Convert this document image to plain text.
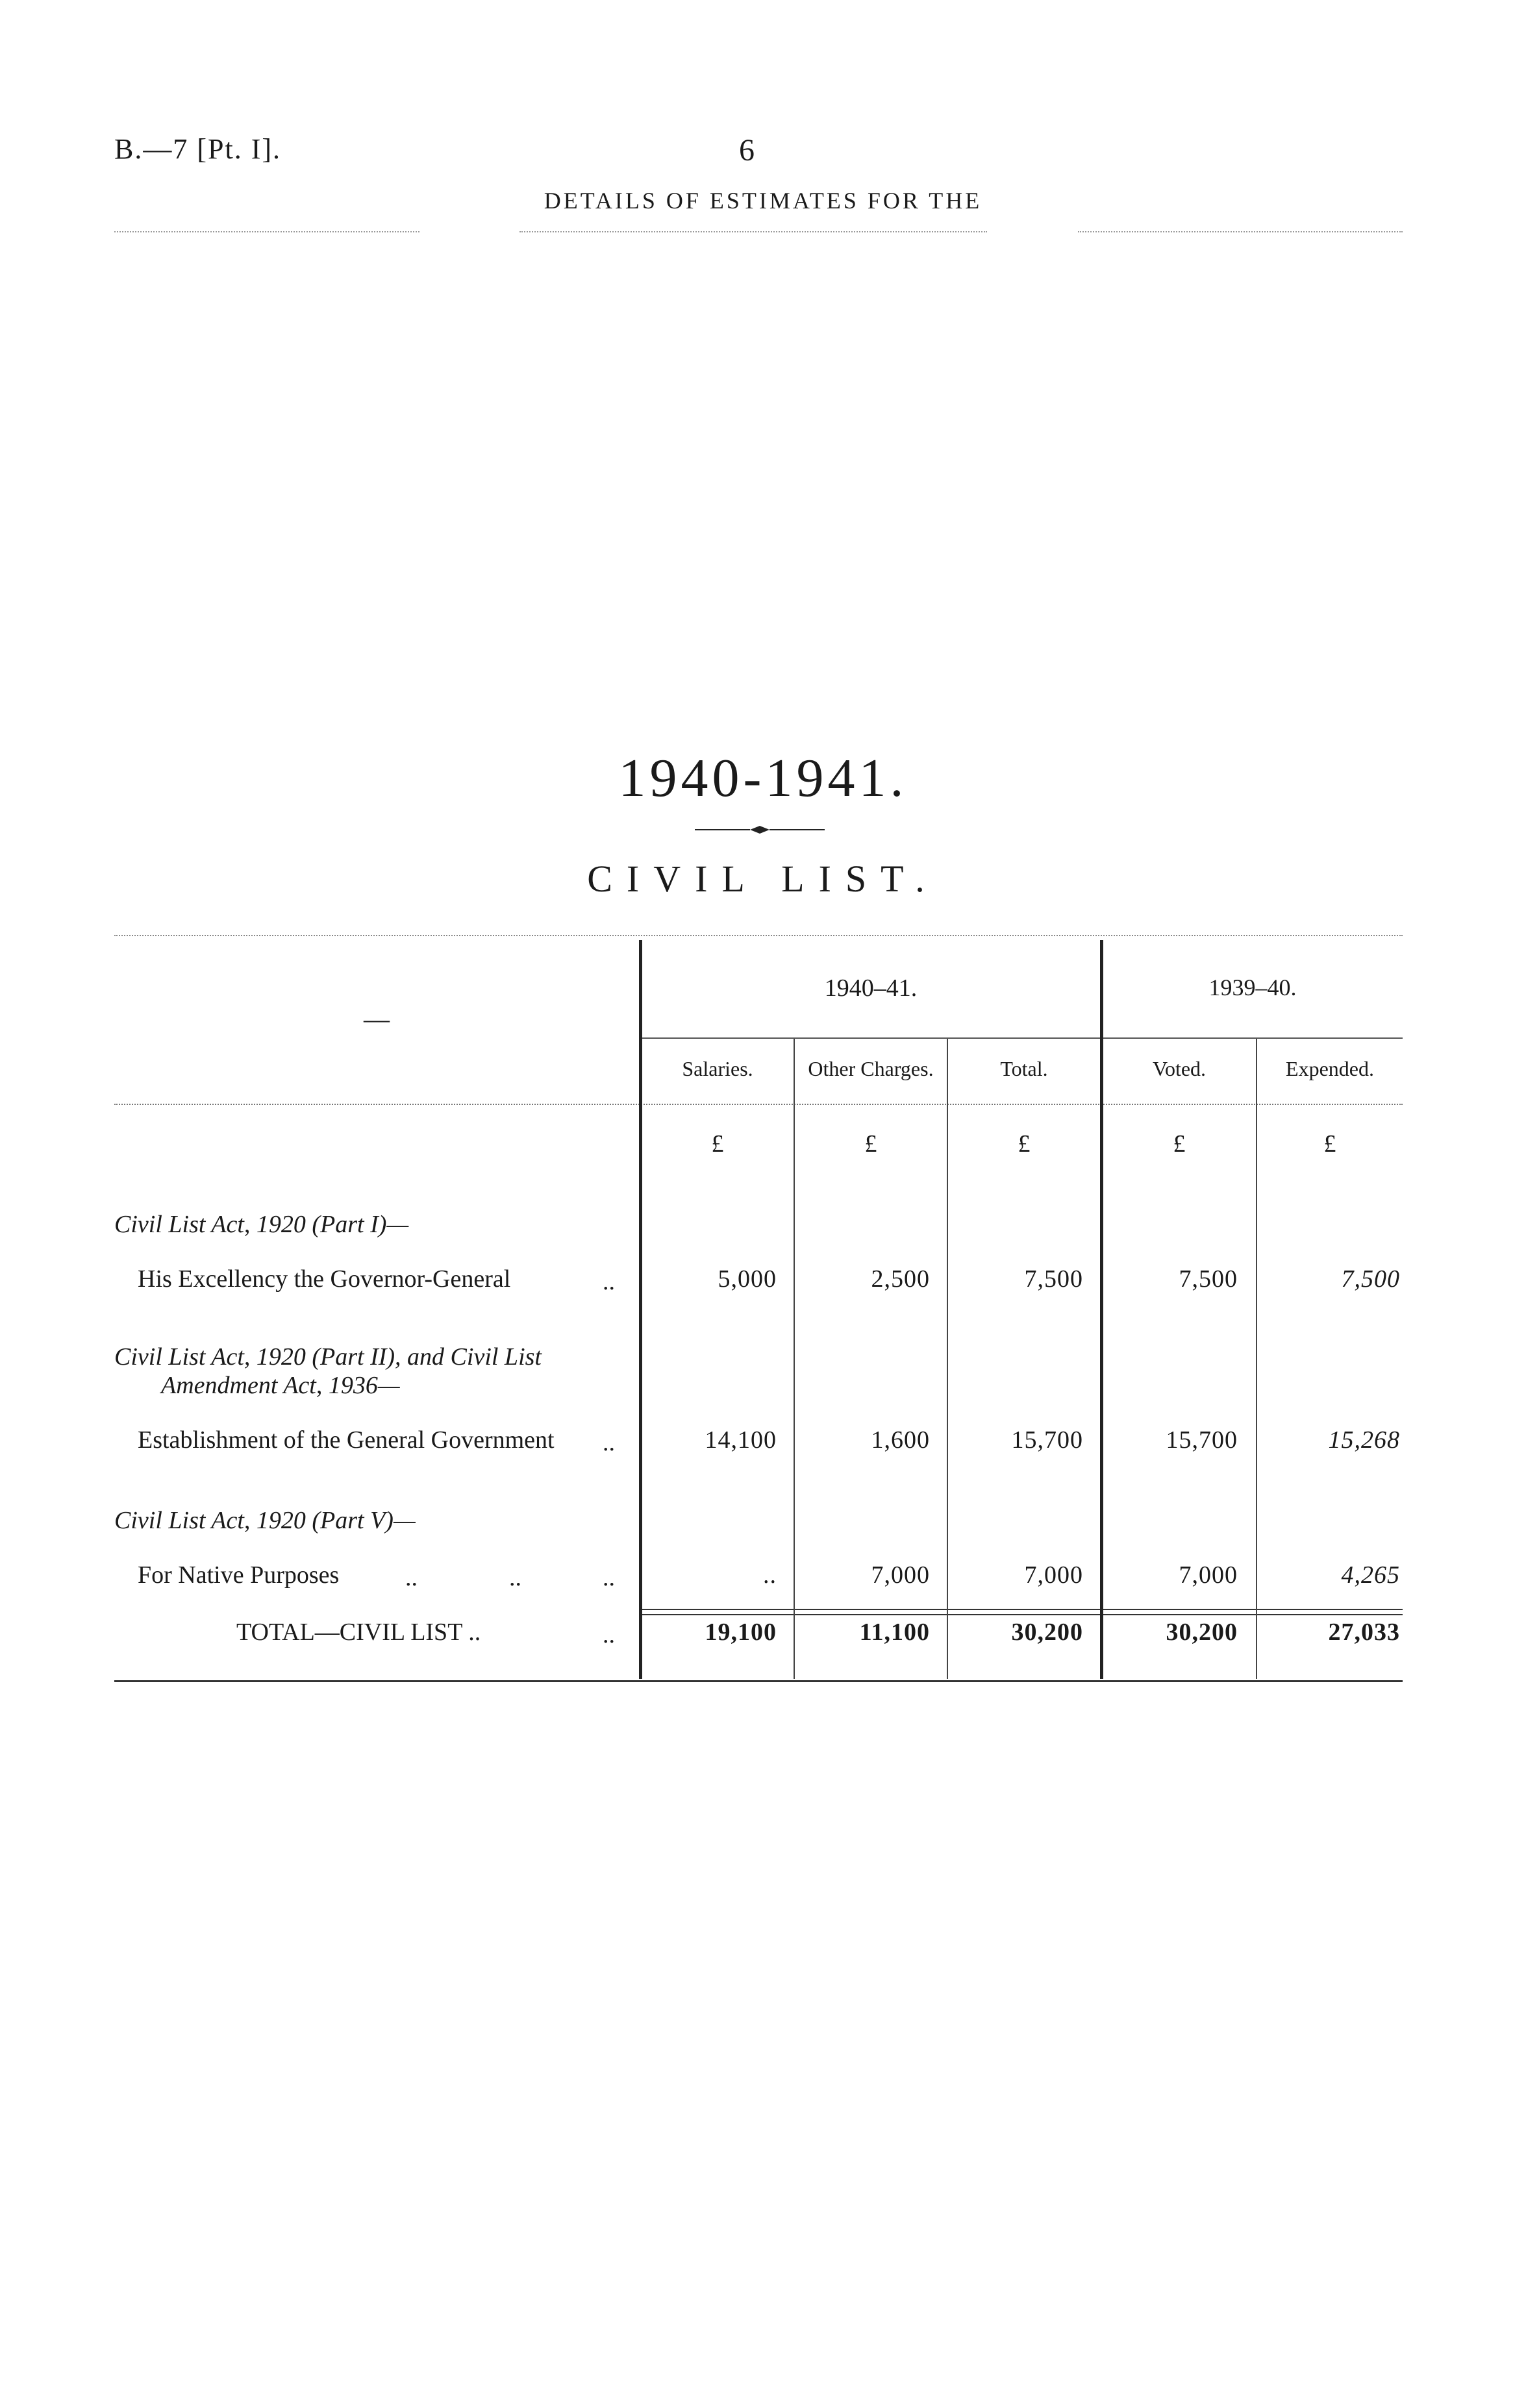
B.—7 [Pt. I].	6
DETAILS OF ESTIMATES FOR THE
1940-1941.
CIVIL LIST.
—
1940–41.	1939–40.
Salaries.	Other Charges.	Total.	Voted.	Expended.
£	£	£	£	£
Civil List Act, 1920 (Part I)—
His Excellency the Governor-General	..	5,000	2,500	7,500	7,500	7,500
Civil List Act, 1920 (Part II), and Civil List
Amendment Act, 1936—
Establishment of the General Government ..	14,100	1,600	15,700	15,700	15,268
Civil List Act, 1920 (Part V)—
For Native Purposes	..	..	..	..	7,000	7,000	7,000	4,265
TOTAL—CIVIL LIST ..	..	19,100	11,100	30,200	30,200	27,033
